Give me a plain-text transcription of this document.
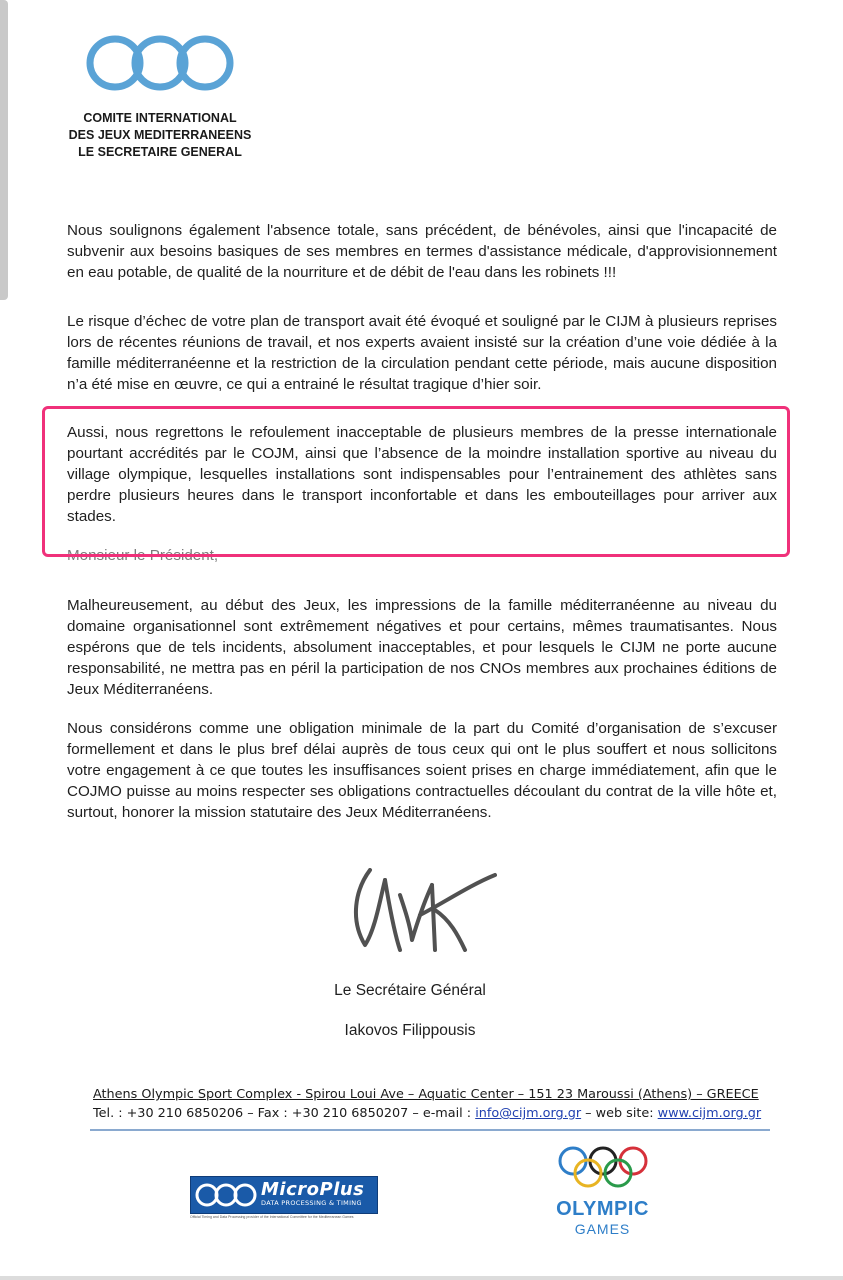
COMITE INTERNATIONAL
DES JEUX MEDITERRANEENS
LE SECRETAIRE GENERAL

Nous soulignons également l'absence totale, sans précédent, de bénévoles, ainsi que l'incapacité de subvenir aux besoins basiques de ses membres en termes d'assistance médicale, d'approvisionnement en eau potable, de qualité de la nourriture et de débit de l'eau dans les robinets !!!

Le risque d’échec de votre plan de transport avait été évoqué et souligné par le CIJM à plusieurs reprises lors de récentes réunions de travail, et nos experts avaient insisté sur la création d’une voie dédiée à la famille méditerranéenne et la restriction de la circulation pendant cette période, mais aucune disposition n’a été mise en œuvre, ce qui a entrainé le résultat tragique d’hier soir.

Aussi, nous regrettons le refoulement inacceptable de plusieurs membres de la presse internationale pourtant accrédités par le COJM, ainsi que l’absence de la moindre installation sportive au niveau du village olympique, lesquelles installations sont indispensables pour l’entrainement des athlètes sans perdre plusieurs heures dans le transport inconfortable et dans les embouteillages pour arriver aux stades.

Monsieur le Président,

Malheureusement, au début des Jeux, les impressions de la famille méditerranéenne au niveau du domaine organisationnel sont extrêmement négatives et pour certains, mêmes traumatisantes. Nous espérons que de tels incidents, absolument inacceptables, et pour lesquels le CIJM ne porte aucune responsabilité, ne mettra pas en péril la participation de nos CNOs membres aux prochaines éditions de Jeux Méditerranéens.

Nous considérons comme une obligation minimale de la part du Comité d’organisation de s’excuser formellement et dans le plus bref délai auprès de tous ceux qui ont le plus souffert et nous sollicitons votre engagement à ce que toutes les insuffisances soient prises en charge immédiatement, afin que le COJMO puisse au moins respecter ses obligations contractuelles découlant du contrat de la ville hôte et, surtout, honorer la mission statutaire des Jeux Méditerranéens.

Le Secrétaire Général
Iakovos Filippousis
Athens Olympic Sport Complex - Spirou Loui Ave – Aquatic Center – 151 23 Maroussi (Athens) – GREECE
Tel. : +30 210 6850206 – Fax : +30 210 6850207 – e-mail : info@cijm.org.gr – web site: www.cijm.org.gr
MicroPlus
DATA PROCESSING & TIMING
Official Timing and Data Processing provider of the International Committee for the Mediterranean Games	OLYMPIC
GAMES
